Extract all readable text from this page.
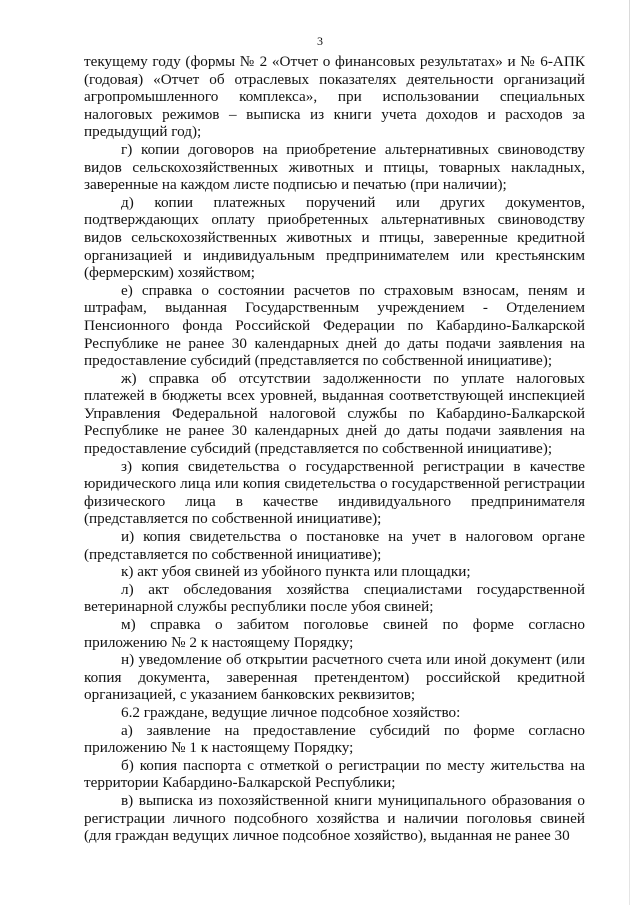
3

текущему году (формы № 2 «Отчет о финансовых результатах» и № 6-АПК (годовая) «Отчет об отраслевых показателях деятельности организаций агропромышленного комплекса», при использовании специальных налоговых режимов – выписка из книги учета доходов и расходов за предыдущий год);

г) копии договоров на приобретение альтернативных свиноводству видов сельскохозяйственных животных и птицы, товарных накладных, заверенные на каждом листе подписью и печатью (при наличии);

д) копии платежных поручений или других документов, подтверждающих оплату приобретенных альтернативных свиноводству видов сельскохозяйственных животных и птицы, заверенные кредитной организацией и индивидуальным предпринимателем или крестьянским (фермерским) хозяйством;

е) справка о состоянии расчетов по страховым взносам, пеням и штрафам, выданная Государственным учреждением - Отделением Пенсионного фонда Российской Федерации по Кабардино-Балкарской Республике не ранее 30 календарных дней до даты подачи заявления на предоставление субсидий (представляется по собственной инициативе);

ж) справка об отсутствии задолженности по уплате налоговых платежей в бюджеты всех уровней, выданная соответствующей инспекцией Управления Федеральной налоговой службы по Кабардино-Балкарской Республике не ранее 30 календарных дней до даты подачи заявления на предоставление субсидий (представляется по собственной инициативе);

з) копия свидетельства о государственной регистрации в качестве юридического лица или копия свидетельства о государственной регистрации физического лица в качестве индивидуального предпринимателя (представляется по собственной инициативе);

и) копия свидетельства о постановке на учет в налоговом органе (представляется по собственной инициативе);

к) акт убоя свиней из убойного пункта или площадки;

л) акт обследования хозяйства специалистами государственной ветеринарной службы республики после убоя свиней;

м) справка о забитом поголовье свиней по форме согласно приложению № 2 к настоящему Порядку;

н) уведомление об открытии расчетного счета или иной документ (или копия документа, заверенная претендентом) российской кредитной организацией, с указанием банковских реквизитов;

6.2 граждане, ведущие личное подсобное хозяйство:

а) заявление на предоставление субсидий по форме согласно приложению № 1 к настоящему Порядку;

б) копия паспорта с отметкой о регистрации по месту жительства на территории Кабардино-Балкарской Республики;

в) выписка из похозяйственной книги муниципального образования о регистрации личного подсобного хозяйства и наличии поголовья свиней (для граждан ведущих личное подсобное хозяйство), выданная не ранее 30
